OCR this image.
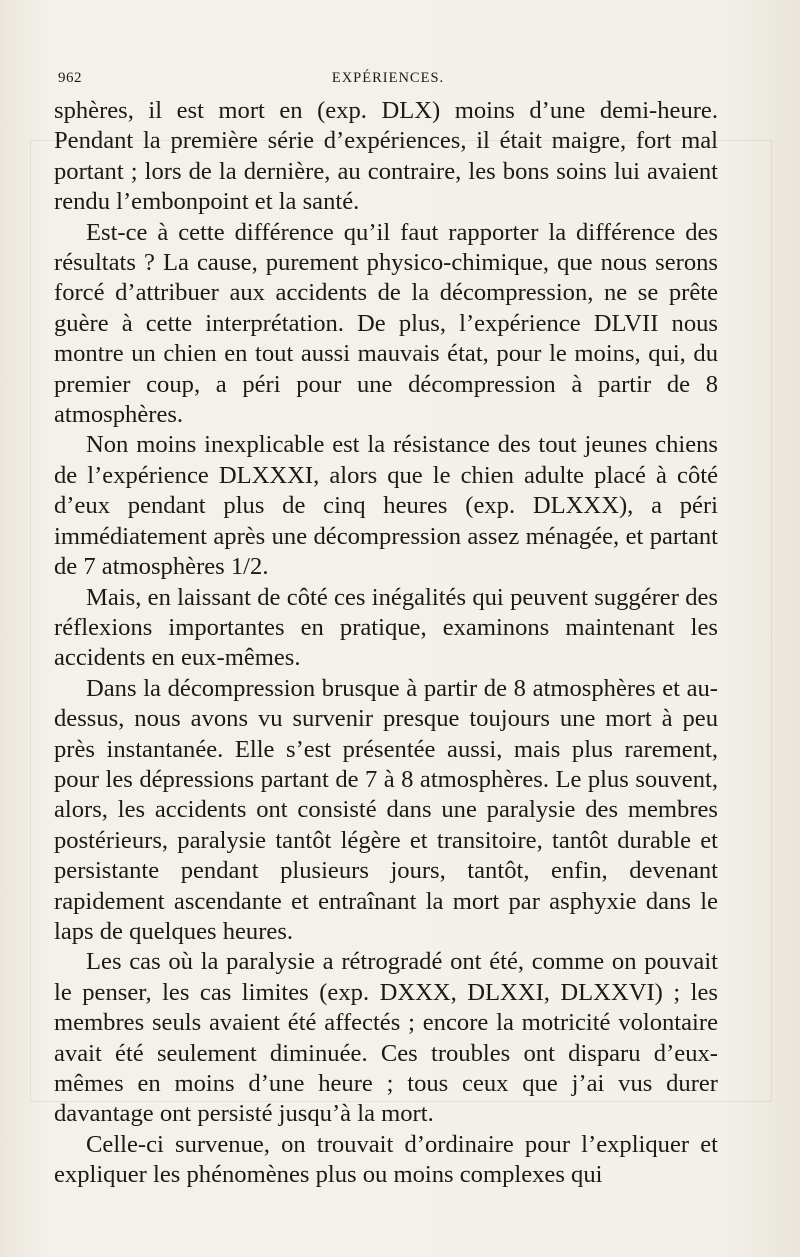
962	EXPÉRIENCES.

sphères, il est mort en (exp. DLX) moins d’une demi-heure. Pendant la première série d’expériences, il était maigre, fort mal portant ; lors de la dernière, au contraire, les bons soins lui avaient rendu l’embonpoint et la santé.

Est-ce à cette différence qu’il faut rapporter la différence des résultats ? La cause, purement physico-chimique, que nous serons forcé d’attribuer aux accidents de la décompression, ne se prête guère à cette interprétation. De plus, l’expérience DLVII nous montre un chien en tout aussi mauvais état, pour le moins, qui, du premier coup, a péri pour une décompression à partir de 8 atmosphères.

Non moins inexplicable est la résistance des tout jeunes chiens de l’expérience DLXXXI, alors que le chien adulte placé à côté d’eux pendant plus de cinq heures (exp. DLXXX), a péri immédiatement après une décompression assez ménagée, et partant de 7 atmosphères 1/2.

Mais, en laissant de côté ces inégalités qui peuvent suggérer des réflexions importantes en pratique, examinons maintenant les accidents en eux-mêmes.

Dans la décompression brusque à partir de 8 atmosphères et au-dessus, nous avons vu survenir presque toujours une mort à peu près instantanée. Elle s’est présentée aussi, mais plus rarement, pour les dépressions partant de 7 à 8 atmosphères. Le plus souvent, alors, les accidents ont consisté dans une paralysie des membres postérieurs, paralysie tantôt légère et transitoire, tantôt durable et persistante pendant plusieurs jours, tantôt, enfin, devenant rapidement ascendante et entraînant la mort par asphyxie dans le laps de quelques heures.

Les cas où la paralysie a rétrogradé ont été, comme on pouvait le penser, les cas limites (exp. DXXX, DLXXI, DLXXVI) ; les membres seuls avaient été affectés ; encore la motricité volontaire avait été seulement diminuée. Ces troubles ont disparu d’eux-mêmes en moins d’une heure ; tous ceux que j’ai vus durer davantage ont persisté jusqu’à la mort.

Celle-ci survenue, on trouvait d’ordinaire pour l’expliquer et expliquer les phénomènes plus ou moins complexes qui
